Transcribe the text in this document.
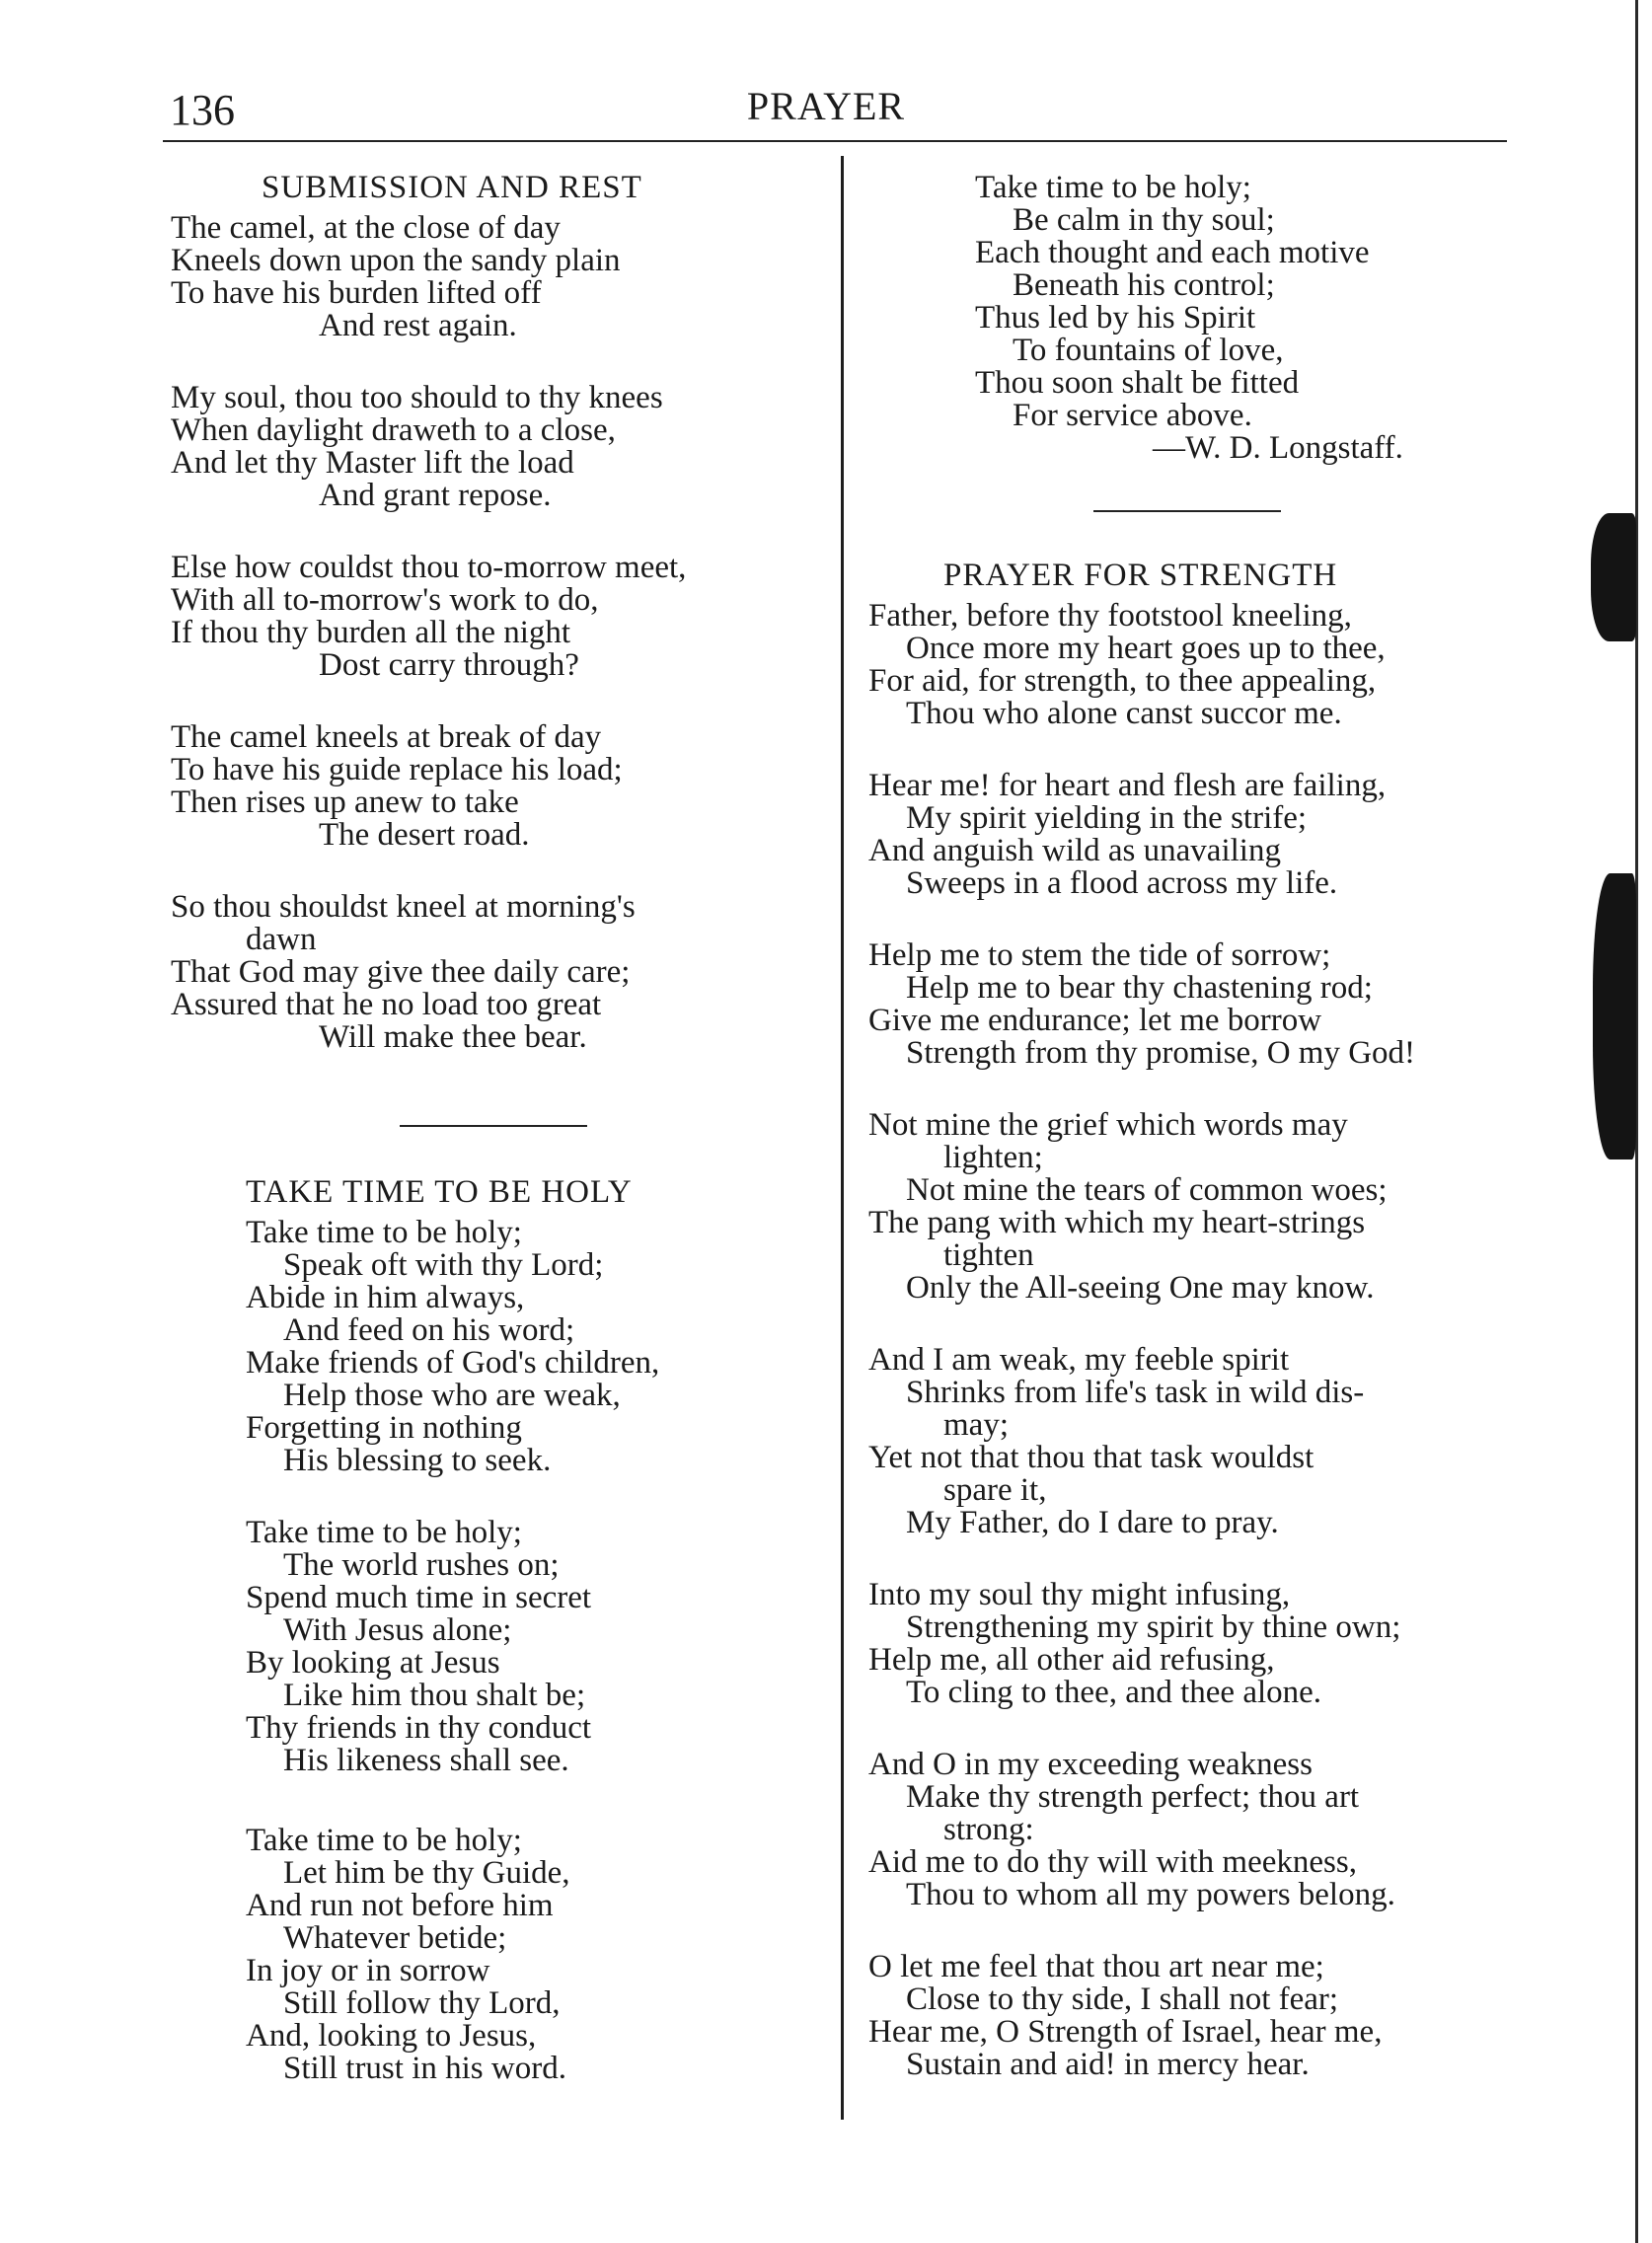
136	PRAYER
SUBMISSION AND REST
The camel, at the close of day
Kneels down upon the sandy plain
To have his burden lifted off
And rest again.
My soul, thou too should to thy knees
When daylight draweth to a close,
And let thy Master lift the load
And grant repose.
Else how couldst thou to-morrow meet,
With all to-morrow's work to do,
If thou thy burden all the night
Dost carry through?
The camel kneels at break of day
To have his guide replace his load;
Then rises up anew to take
The desert road.
So thou shouldst kneel at morning's
dawn
That God may give thee daily care;
Assured that he no load too great
Will make thee bear.
TAKE TIME TO BE HOLY
Take time to be holy;
Speak oft with thy Lord;
Abide in him always,
And feed on his word;
Make friends of God's children,
Help those who are weak,
Forgetting in nothing
His blessing to seek.
Take time to be holy;
The world rushes on;
Spend much time in secret
With Jesus alone;
By looking at Jesus
Like him thou shalt be;
Thy friends in thy conduct
His likeness shall see.
Take time to be holy;
Let him be thy Guide,
And run not before him
Whatever betide;
In joy or in sorrow
Still follow thy Lord,
And, looking to Jesus,
Still trust in his word.
Take time to be holy;
Be calm in thy soul;
Each thought and each motive
Beneath his control;
Thus led by his Spirit
To fountains of love,
Thou soon shalt be fitted
For service above.
—W. D. Longstaff.
PRAYER FOR STRENGTH
Father, before thy footstool kneeling,
Once more my heart goes up to thee,
For aid, for strength, to thee appealing,
Thou who alone canst succor me.
Hear me! for heart and flesh are failing,
My spirit yielding in the strife;
And anguish wild as unavailing
Sweeps in a flood across my life.
Help me to stem the tide of sorrow;
Help me to bear thy chastening rod;
Give me endurance; let me borrow
Strength from thy promise, O my God!
Not mine the grief which words may
lighten;
Not mine the tears of common woes;
The pang with which my heart-strings
tighten
Only the All-seeing One may know.
And I am weak, my feeble spirit
Shrinks from life's task in wild dis-
may;
Yet not that thou that task wouldst
spare it,
My Father, do I dare to pray.
Into my soul thy might infusing,
Strengthening my spirit by thine own;
Help me, all other aid refusing,
To cling to thee, and thee alone.
And O in my exceeding weakness
Make thy strength perfect; thou art
strong:
Aid me to do thy will with meekness,
Thou to whom all my powers belong.
O let me feel that thou art near me;
Close to thy side, I shall not fear;
Hear me, O Strength of Israel, hear me,
Sustain and aid! in mercy hear.
